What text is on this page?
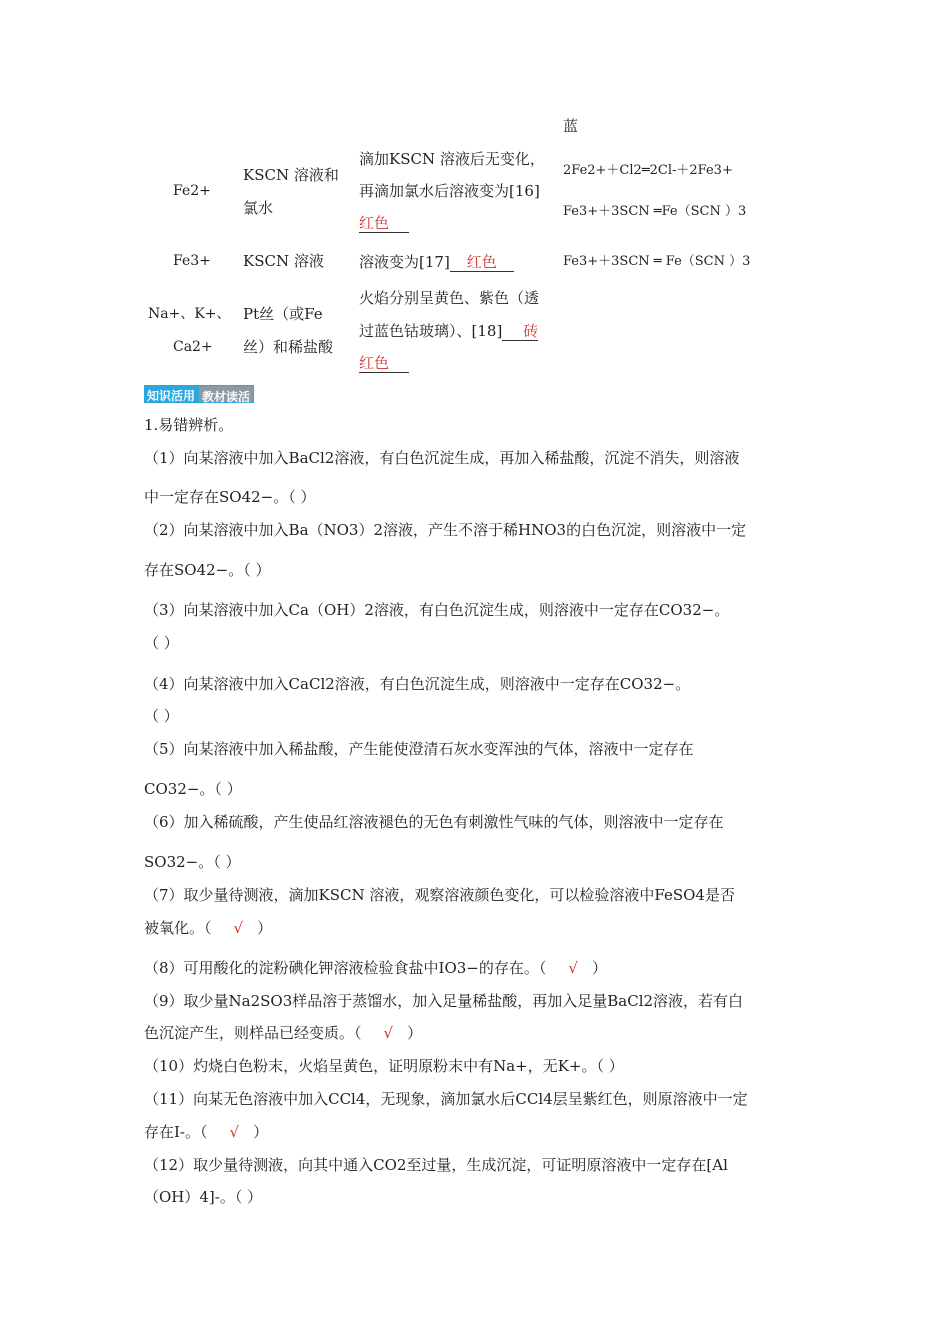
蓝
Fe2+
KSCN 溶液和
氯水
滴加KSCN 溶液后无变化，
再滴加氯水后溶液变为[16]
红色
2Fe2+＋Cl2═2Cl-＋2Fe3+
Fe3+＋3SCN ═Fe（SCN ）3
Fe3+ KSCN 溶液 溶液变为[17] 红色	Fe3+＋3SCN ═ Fe（SCN ）3
Na+、K+、
Ca2+
Pt丝（或Fe
丝）和稀盐酸
火焰分别呈黄色、紫色（透
过蓝色钴玻璃）、[18] 砖
红色
知识活用 教材读活
1.易错辨析。
（1）向某溶液中加入BaCl2溶液，有白色沉淀生成，再加入稀盐酸，沉淀不消失，则溶液
中一定存在SO42−。（ ）
（2）向某溶液中加入Ba（NO3）2溶液，产生不溶于稀HNO3的白色沉淀，则溶液中一定
存在SO42−。（ ）
（3）向某溶液中加入Ca（OH）2溶液，有白色沉淀生成，则溶液中一定存在CO32−。
（ ）
（4）向某溶液中加入CaCl2溶液，有白色沉淀生成，则溶液中一定存在CO32−。
（ ）
（5）向某溶液中加入稀盐酸，产生能使澄清石灰水变浑浊的气体，溶液中一定存在
CO32−。（ ）
（6）加入稀硫酸，产生使品红溶液褪色的无色有刺激性气味的气体，则溶液中一定存在
SO32−。（ ）
（7）取少量待测液，滴加KSCN 溶液，观察溶液颜色变化，可以检验溶液中FeSO4是否
被氧化。（ √ ）
（8）可用酸化的淀粉碘化钾溶液检验食盐中IO3−的存在。（ √ ）
（9）取少量Na2SO3样品溶于蒸馏水，加入足量稀盐酸，再加入足量BaCl2溶液，若有白
色沉淀产生，则样品已经变质。（ √ ）
（10）灼烧白色粉末，火焰呈黄色，证明原粉末中有Na+，无K+。（ ）
（11）向某无色溶液中加入CCl4，无现象，滴加氯水后CCl4层呈紫红色，则原溶液中一定
存在I-。（ √ ）
（12）取少量待测液，向其中通入CO2至过量，生成沉淀，可证明原溶液中一定存在[Al
（OH）4]-。（ ）
